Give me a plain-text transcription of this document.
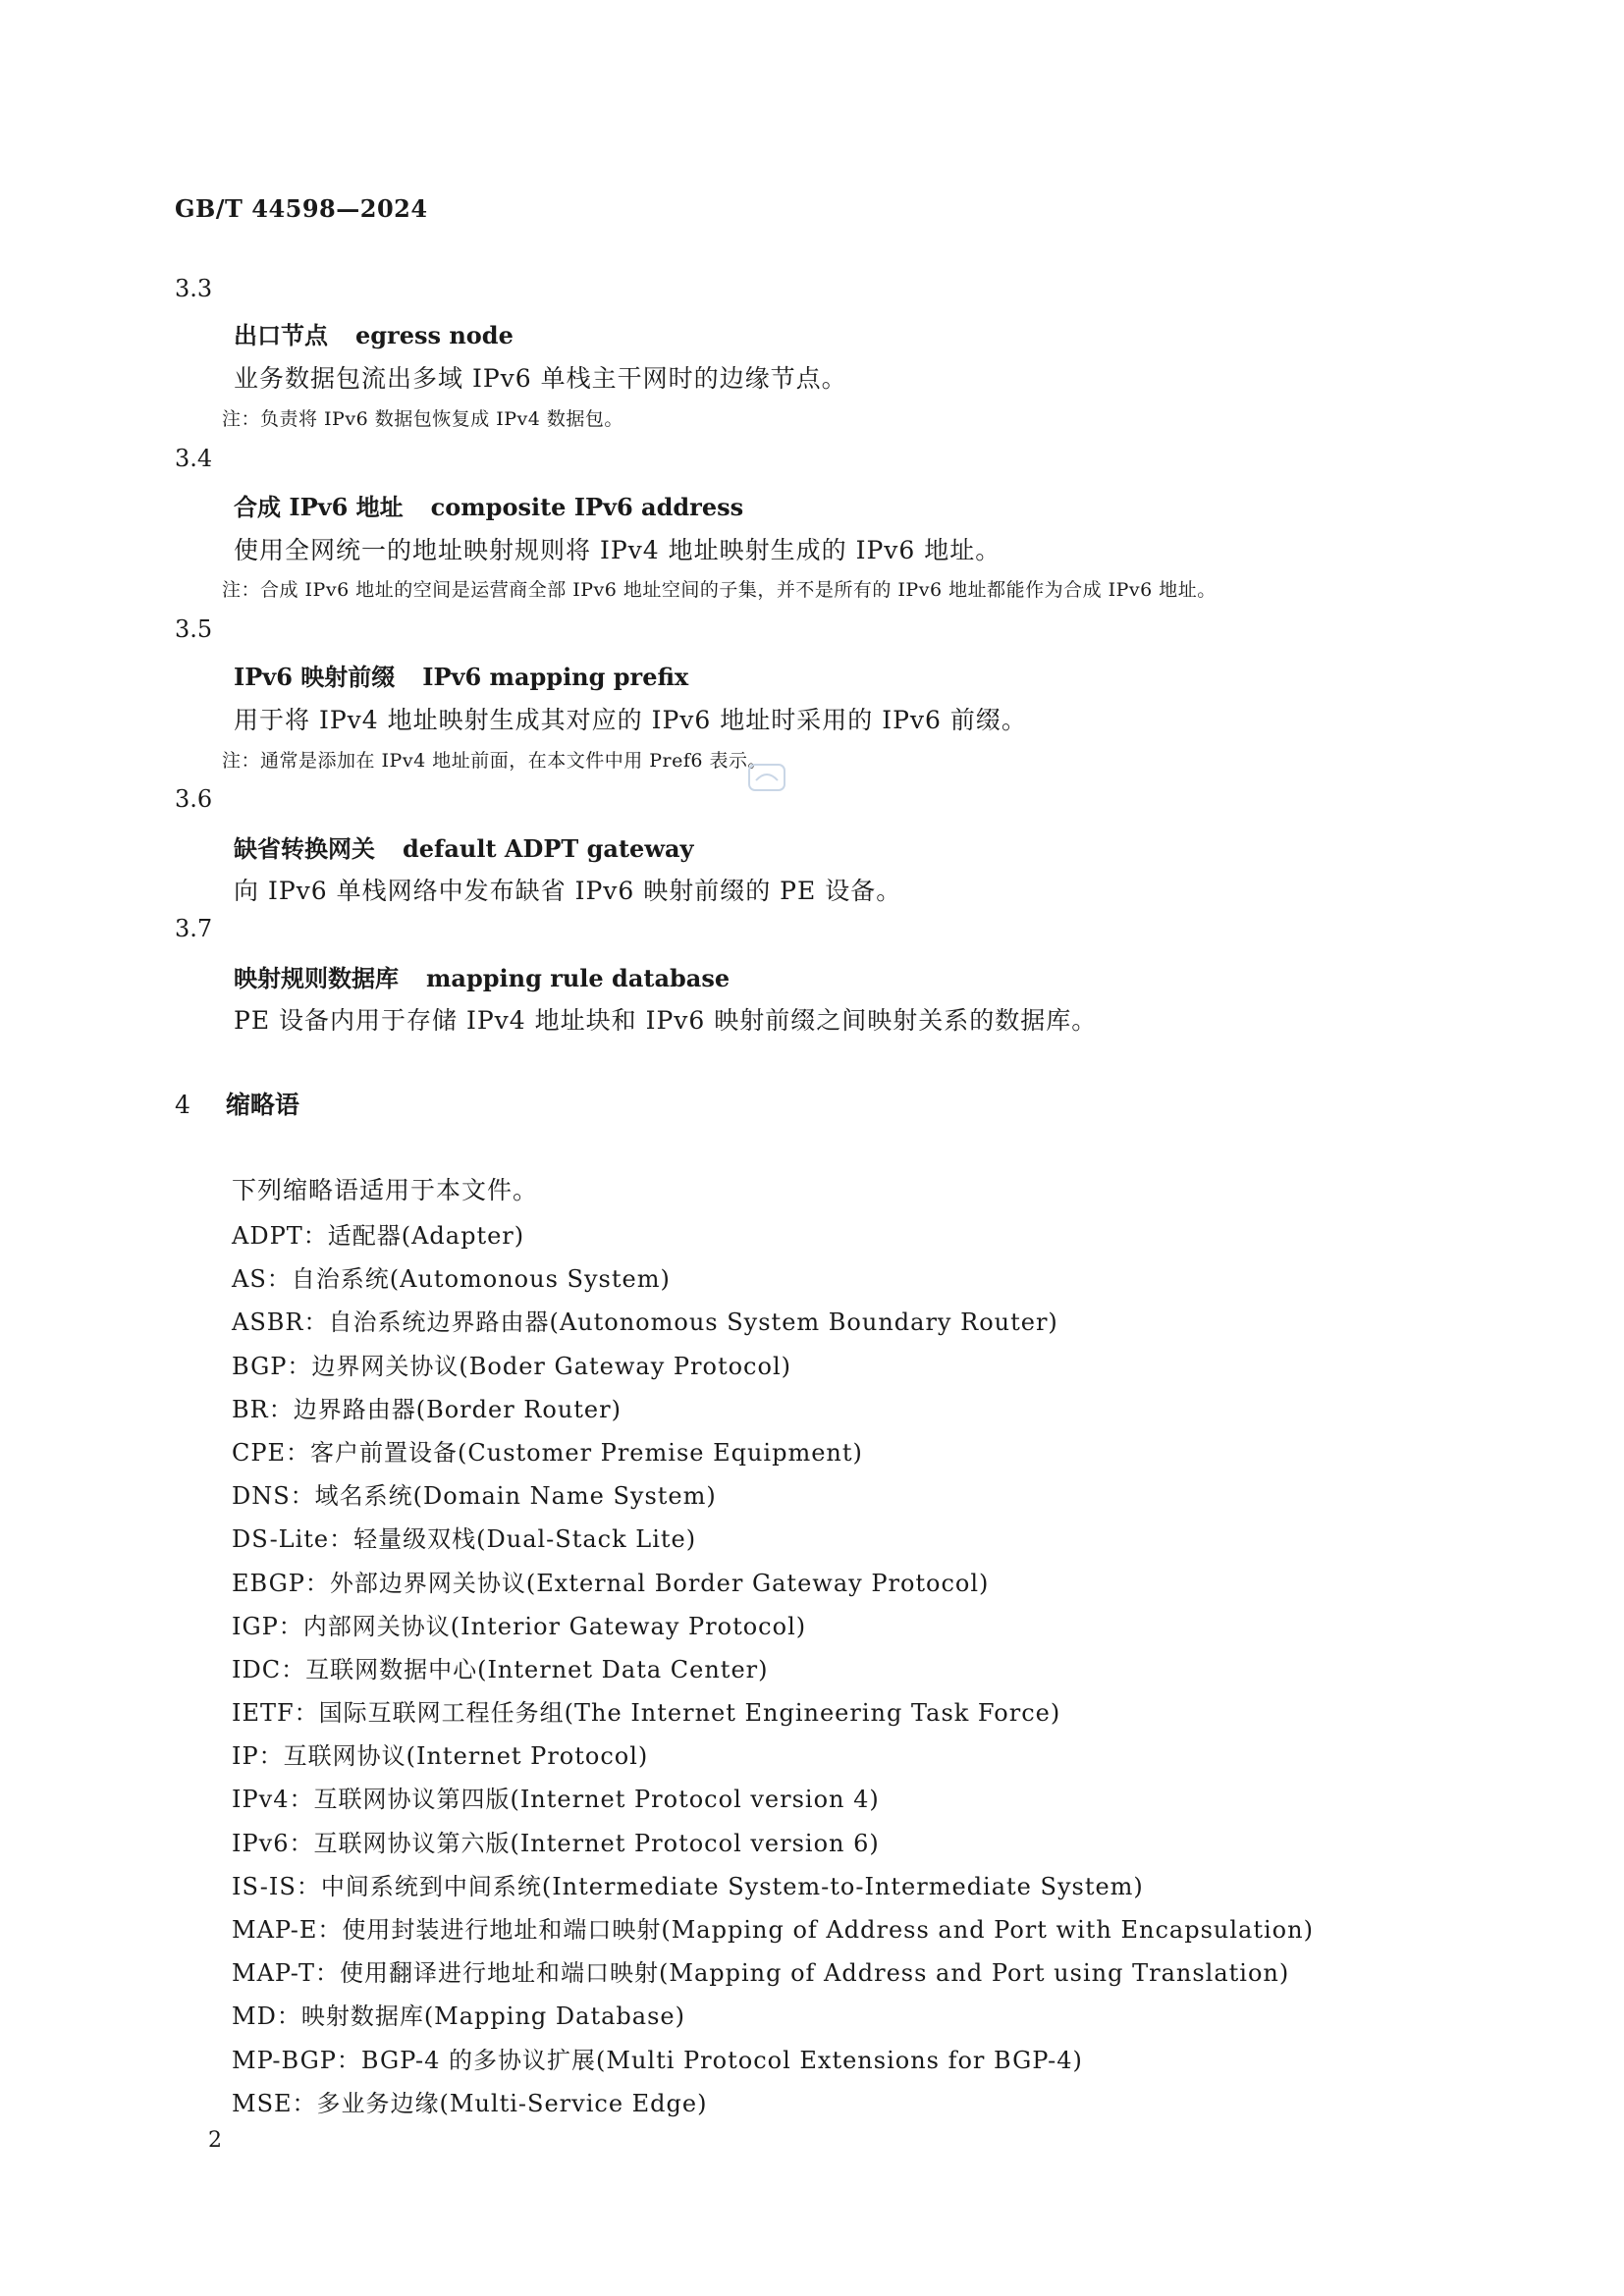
GB/T 44598—2024
3.3
出口节点 egress node
业务数据包流出多域 IPv6 单栈主干网时的边缘节点。
注：负责将 IPv6 数据包恢复成 IPv4 数据包。
3.4
合成 IPv6 地址 composite IPv6 address
使用全网统一的地址映射规则将 IPv4 地址映射生成的 IPv6 地址。
注：合成 IPv6 地址的空间是运营商全部 IPv6 地址空间的子集，并不是所有的 IPv6 地址都能作为合成 IPv6 地址。
3.5
IPv6 映射前缀 IPv6 mapping prefix
用于将 IPv4 地址映射生成其对应的 IPv6 地址时采用的 IPv6 前缀。
注：通常是添加在 IPv4 地址前面，在本文件中用 Pref6 表示。
3.6
缺省转换网关 default ADPT gateway
向 IPv6 单栈网络中发布缺省 IPv6 映射前缀的 PE 设备。
3.7
映射规则数据库 mapping rule database
PE 设备内用于存储 IPv4 地址块和 IPv6 映射前缀之间映射关系的数据库。
4 缩略语
下列缩略语适用于本文件。
ADPT：适配器(Adapter)
AS：自治系统(Automonous System)
ASBR：自治系统边界路由器(Autonomous System Boundary Router)
BGP：边界网关协议(Boder Gateway Protocol)
BR：边界路由器(Border Router)
CPE：客户前置设备(Customer Premise Equipment)
DNS：域名系统(Domain Name System)
DS-Lite：轻量级双栈(Dual-Stack Lite)
EBGP：外部边界网关协议(External Border Gateway Protocol)
IGP：内部网关协议(Interior Gateway Protocol)
IDC：互联网数据中心(Internet Data Center)
IETF：国际互联网工程任务组(The Internet Engineering Task Force)
IP：互联网协议(Internet Protocol)
IPv4：互联网协议第四版(Internet Protocol version 4)
IPv6：互联网协议第六版(Internet Protocol version 6)
IS-IS：中间系统到中间系统(Intermediate System-to-Intermediate System)
MAP-E：使用封装进行地址和端口映射(Mapping of Address and Port with Encapsulation)
MAP-T：使用翻译进行地址和端口映射(Mapping of Address and Port using Translation)
MD：映射数据库(Mapping Database)
MP-BGP：BGP-4 的多协议扩展(Multi Protocol Extensions for BGP-4)
MSE：多业务边缘(Multi-Service Edge)
2
